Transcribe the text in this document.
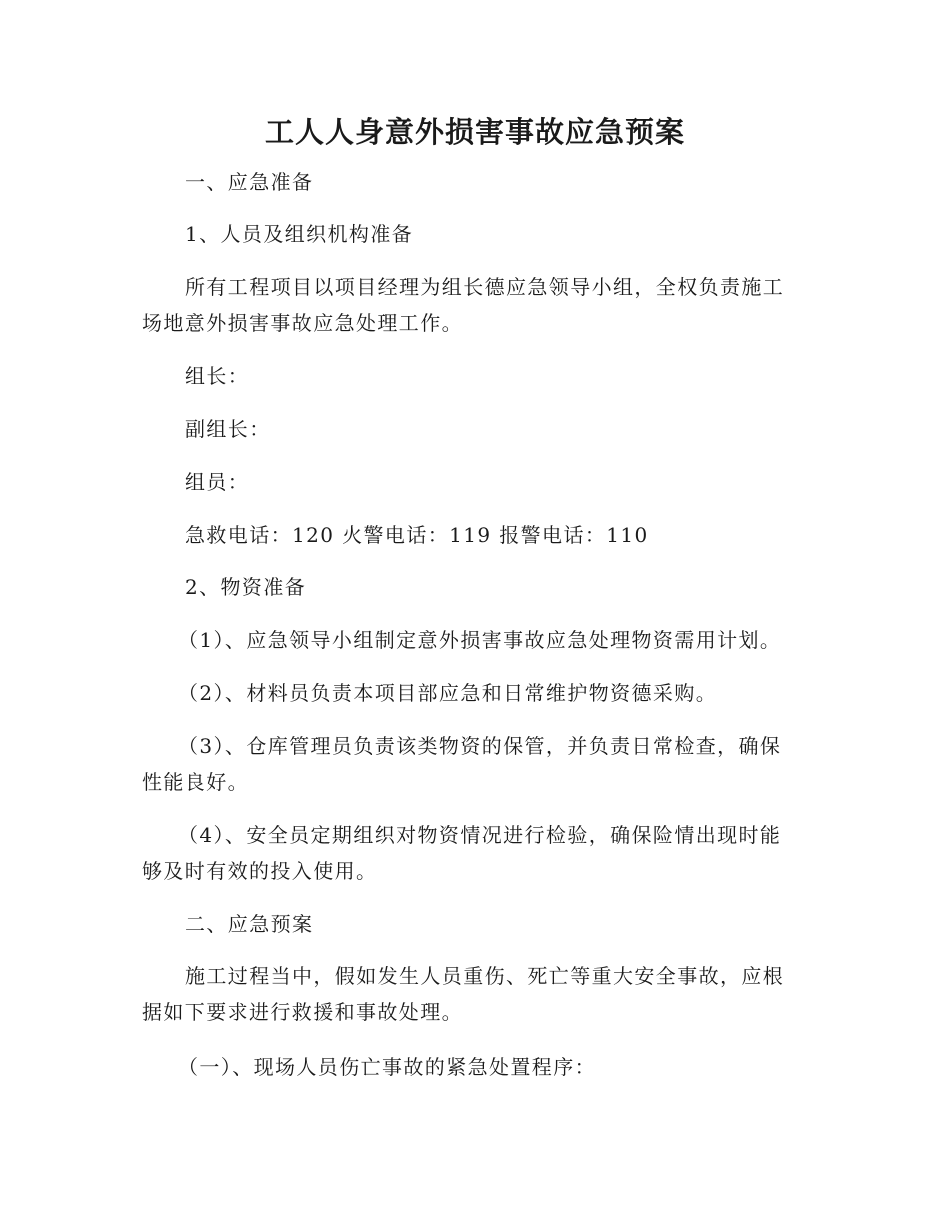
工人人身意外损害事故应急预案
一、应急准备
1、人员及组织机构准备
所有工程项目以项目经理为组长德应急领导小组，全权负责施工
场地意外损害事故应急处理工作。
组长：
副组长：
组员：
急救电话：120 火警电话：119 报警电话：110
2、物资准备
（1）、应急领导小组制定意外损害事故应急处理物资需用计划。
（2）、材料员负责本项目部应急和日常维护物资德采购。
（3）、仓库管理员负责该类物资的保管，并负责日常检查，确保
性能良好。
（4）、安全员定期组织对物资情况进行检验，确保险情出现时能
够及时有效的投入使用。
二、应急预案
施工过程当中，假如发生人员重伤、死亡等重大安全事故，应根
据如下要求进行救援和事故处理。
（一）、现场人员伤亡事故的紧急处置程序：
